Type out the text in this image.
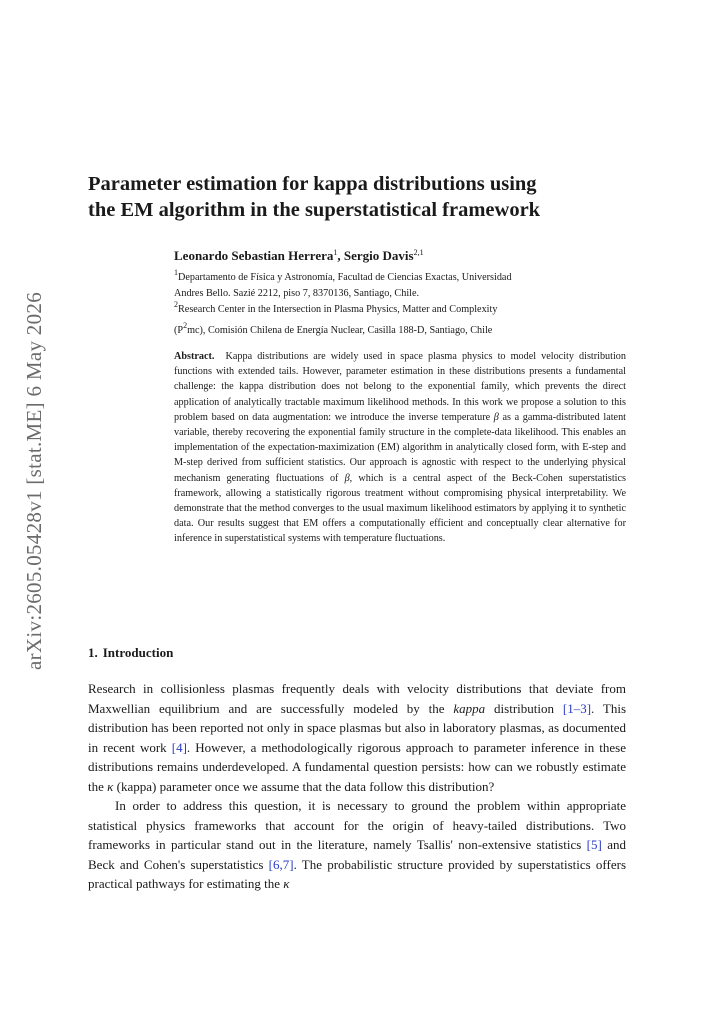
arXiv:2605.05428v1 [stat.ME] 6 May 2026
Parameter estimation for kappa distributions using
the EM algorithm in the superstatistical framework
Leonardo Sebastian Herrera$^1$, Sergio Davis$^{2,1}$
$^1$Departamento de Física y Astronomía, Facultad de Ciencias Exactas, Universidad
Andres Bello. Sazié 2212, piso 7, 8370136, Santiago, Chile.
$^2$Research Center in the Intersection in Plasma Physics, Matter and Complexity
$(P^2mc)$, Comisión Chilena de Energía Nuclear, Casilla 188-D, Santiago, Chile

Abstract. Kappa distributions are widely used in space plasma physics to model velocity distribution functions with extended tails. However, parameter estimation in these distributions presents a fundamental challenge: the kappa distribution does not belong to the exponential family, which prevents the direct application of analytically tractable maximum likelihood methods. In this work we propose a solution to this problem based on data augmentation: we introduce the inverse temperature β as a gamma-distributed latent variable, thereby recovering the exponential family structure in the complete-data likelihood. This enables an implementation of the expectation-maximization (EM) algorithm in analytically closed form, with E-step and M-step derived from sufficient statistics. Our approach is agnostic with respect to the underlying physical mechanism generating fluctuations of β, which is a central aspect of the Beck-Cohen superstatistics framework, allowing a statistically rigorous treatment without compromising physical interpretability. We demonstrate that the method converges to the usual maximum likelihood estimators by applying it to synthetic data. Our results suggest that EM offers a computationally efficient and conceptually clear alternative for inference in superstatistical systems with temperature fluctuations.

1. Introduction

Research in collisionless plasmas frequently deals with velocity distributions that deviate from Maxwellian equilibrium and are successfully modeled by the kappa distribution [1–3]. This distribution has been reported not only in space plasmas but also in laboratory plasmas, as documented in recent work [4]. However, a methodologically rigorous approach to parameter inference in these distributions remains underdeveloped. A fundamental question persists: how can we robustly estimate the κ (kappa) parameter once we assume that the data follow this distribution?

In order to address this question, it is necessary to ground the problem within appropriate statistical physics frameworks that account for the origin of heavy-tailed distributions. Two frameworks in particular stand out in the literature, namely Tsallis' non-extensive statistics [5] and Beck and Cohen's superstatistics [6,7]. The probabilistic structure provided by superstatistics offers practical pathways for estimating the κ
